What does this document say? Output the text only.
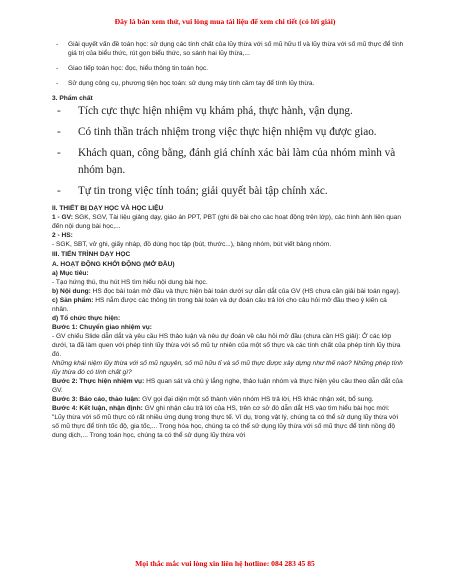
Đây là bản xem thử, vui lòng mua tài liệu để xem chi tiết (có lời giải)
- Giải quyết vấn đề toán học: sử dụng các tính chất của lũy thừa với số mũ hữu tỉ và lũy thừa với số mũ thực để tính giá trị của biểu thức, rút gọn biểu thức, so sánh hai lũy thừa,...
- Giao tiếp toán học: đọc, hiểu thông tin toán học.
- Sử dụng công cụ, phương tiện học toán: sử dụng máy tính cầm tay để tính lũy thừa.

3. Phẩm chất

- Tích cực thực hiện nhiệm vụ khám phá, thực hành, vận dụng.
- Có tinh thần trách nhiệm trong việc thực hiện nhiệm vụ được giao.
- Khách quan, công bằng, đánh giá chính xác bài làm của nhóm mình và nhóm bạn.
- Tự tin trong việc tính toán; giải quyết bài tập chính xác.

II. THIẾT BỊ DẠY HỌC VÀ HỌC LIỆU

1 - GV: SGK, SGV, Tài liệu giảng dạy, giáo án PPT, PBT (ghi đề bài cho các hoạt động trên lớp), các hình ảnh liên quan đến nội dung bài học,...

2 - HS:

- SGK, SBT, vở ghi, giấy nháp, đồ dùng học tập (bút, thước...), bảng nhóm, bút viết bảng nhóm.

III. TIẾN TRÌNH DẠY HỌC

A. HOẠT ĐỘNG KHỞI ĐỘNG (MỞ ĐẦU)

a) Mục tiêu:

- Tạo hứng thú, thu hút HS tìm hiểu nội dung bài học.

b) Nội dung: HS đọc bài toán mở đầu và thực hiện bài toán dưới sự dẫn dắt của GV (HS chưa cần giải bài toán ngay).

c) Sản phẩm: HS nắm được các thông tin trong bài toán và dự đoán câu trả lời cho câu hỏi mở đầu theo ý kiến cá nhân.

d) Tổ chức thực hiện:

Bước 1: Chuyển giao nhiệm vụ:

- GV chiếu Slide dẫn dắt và yêu cầu HS thảo luận và nêu dự đoán về câu hỏi mở đầu (chưa cần HS giải): Ở các lớp dưới, ta đã làm quen với phép tính lũy thừa với số mũ tự nhiên của một số thực và các tính chất của phép tính lũy thừa đó.

Những khái niệm lũy thừa với số mũ nguyên, số mũ hữu tỉ và số mũ thực được xây dựng như thế nào? Những phép tính lũy thừa đó có tính chất gì?

Bước 2: Thực hiện nhiệm vụ: HS quan sát và chú ý lắng nghe, thảo luận nhóm và thực hiện yêu cầu theo dẫn dắt của GV.

Bước 3: Báo cáo, thảo luận: GV gọi đại diện một số thành viên nhóm HS trả lời, HS khác nhận xét, bổ sung.

Bước 4: Kết luận, nhận định: GV ghi nhận câu trả lời của HS, trên cơ sở đó dẫn dắt HS vào tìm hiểu bài học mới: "Lũy thừa với số mũ thực có rất nhiều ứng dụng trong thực tế. Ví dụ, trong vật lý, chúng ta có thể sử dụng lũy thừa với số mũ thực để tính tốc độ, gia tốc,... Trong hóa học, chúng ta có thể sử dụng lũy thừa với số mũ thực để tính nồng độ dung dịch,... Trong toán học, chúng ta có thể sử dụng lũy thừa với

Mọi thắc mắc vui lòng xin liên hệ hotline: 084 283 45 85
